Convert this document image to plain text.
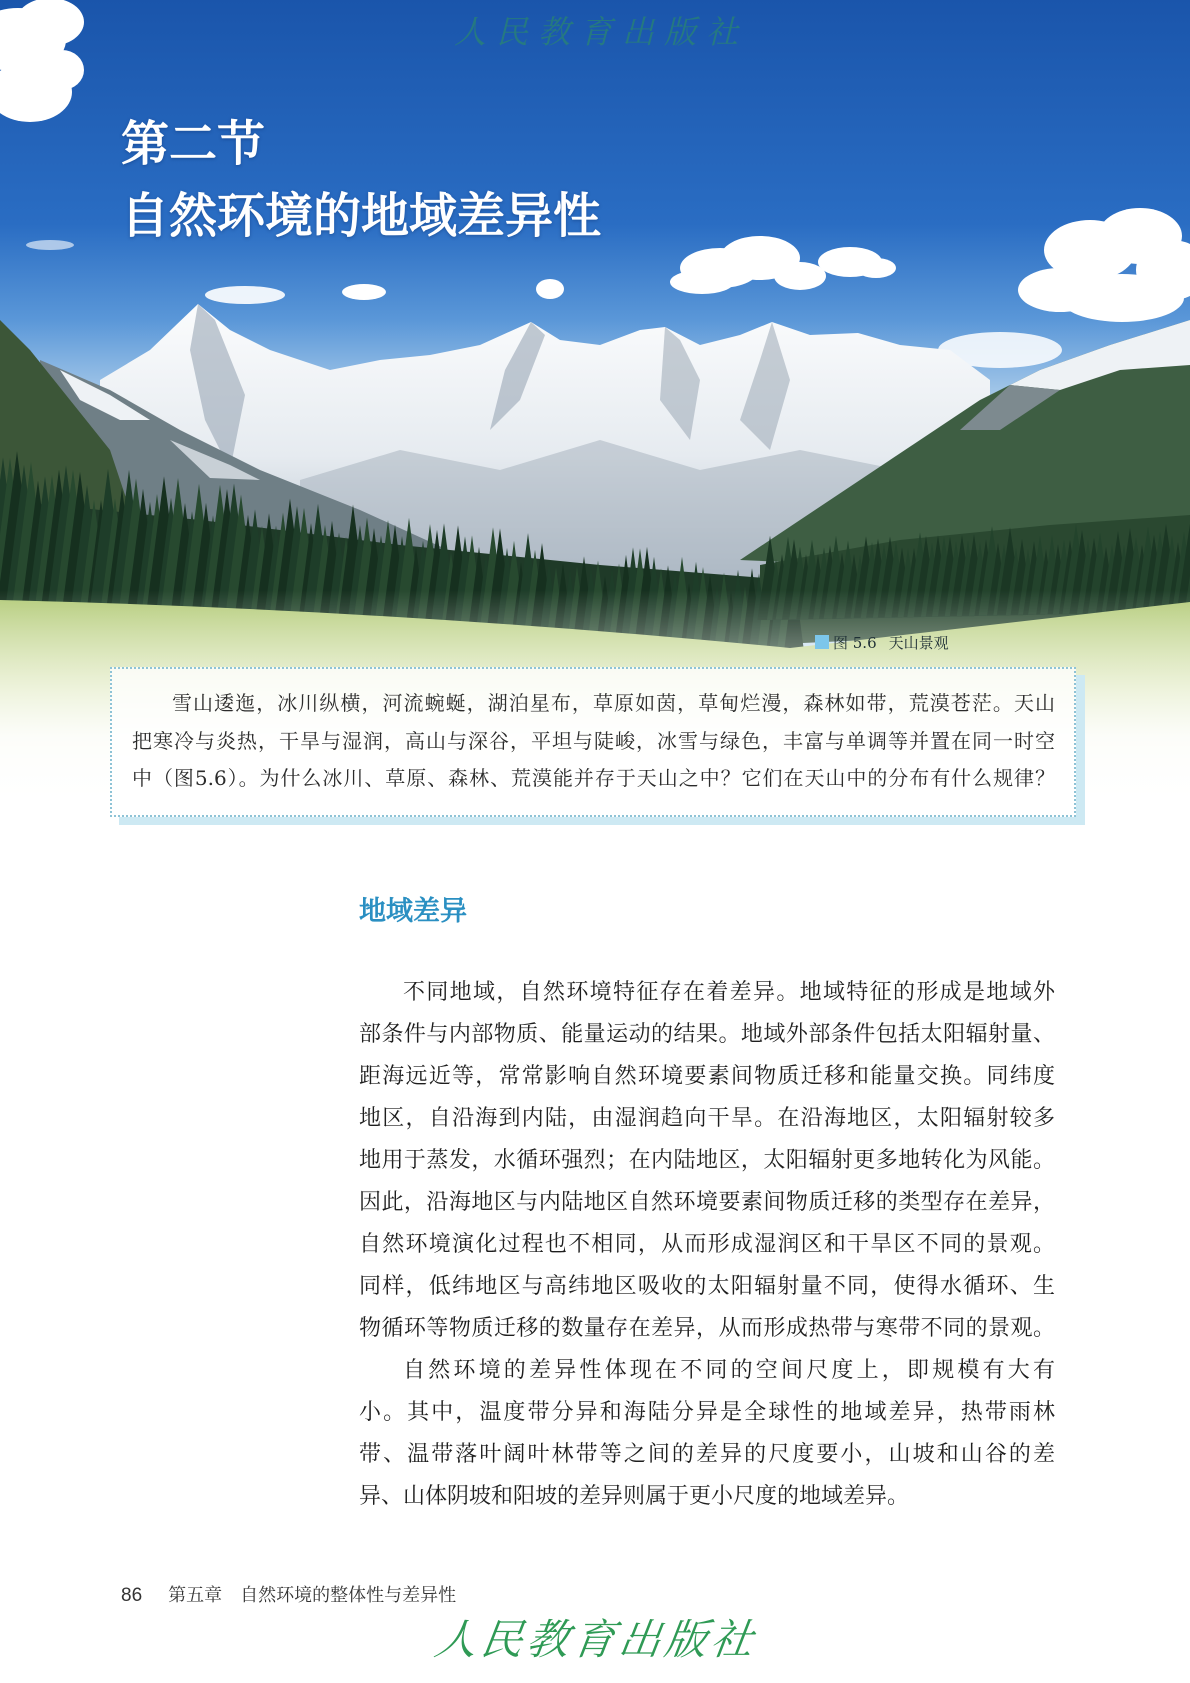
人民教育出版社
第二节
自然环境的地域差异性
图 5.6 天山景观
雪山逶迤，冰川纵横，河流蜿蜒，湖泊星布，草原如茵，草甸烂漫，森林如带，荒漠苍茫。天山
把寒冷与炎热，干旱与湿润，高山与深谷，平坦与陡峻，冰雪与绿色，丰富与单调等并置在同一时空
中（图5.6）。为什么冰川、草原、森林、荒漠能并存于天山之中？它们在天山中的分布有什么规律？
地域差异
不同地域，自然环境特征存在着差异。地域特征的形成是地域外
部条件与内部物质、能量运动的结果。地域外部条件包括太阳辐射量、
距海远近等，常常影响自然环境要素间物质迁移和能量交换。同纬度
地区，自沿海到内陆，由湿润趋向干旱。在沿海地区，太阳辐射较多
地用于蒸发，水循环强烈；在内陆地区，太阳辐射更多地转化为风能。
因此，沿海地区与内陆地区自然环境要素间物质迁移的类型存在差异，
自然环境演化过程也不相同，从而形成湿润区和干旱区不同的景观。
同样，低纬地区与高纬地区吸收的太阳辐射量不同，使得水循环、生
物循环等物质迁移的数量存在差异，从而形成热带与寒带不同的景观。
自然环境的差异性体现在不同的空间尺度上，即规模有大有
小。其中，温度带分异和海陆分异是全球性的地域差异，热带雨林
带、温带落叶阔叶林带等之间的差异的尺度要小，山坡和山谷的差
异、山体阴坡和阳坡的差异则属于更小尺度的地域差异。
86 第五章 自然环境的整体性与差异性
人民教育出版社
